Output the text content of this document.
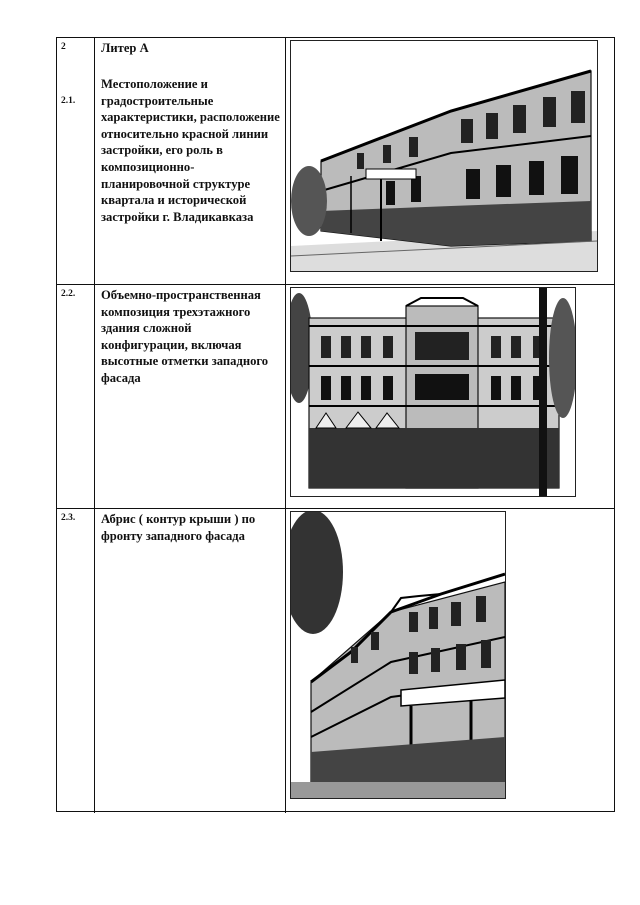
2
2.1.
Литер А
Местоположение и градостроительные характеристики, расположение относительно красной линии застройки, его роль в композиционно-планировочной структуре квартала и исторической застройки г. Владикавказа
2.2. Объемно-пространственная композиция трехэтажного здания сложной конфигурации, включая высотные отметки западного фасада
2.3. Абрис ( контур крыши ) по фронту западного фасада
